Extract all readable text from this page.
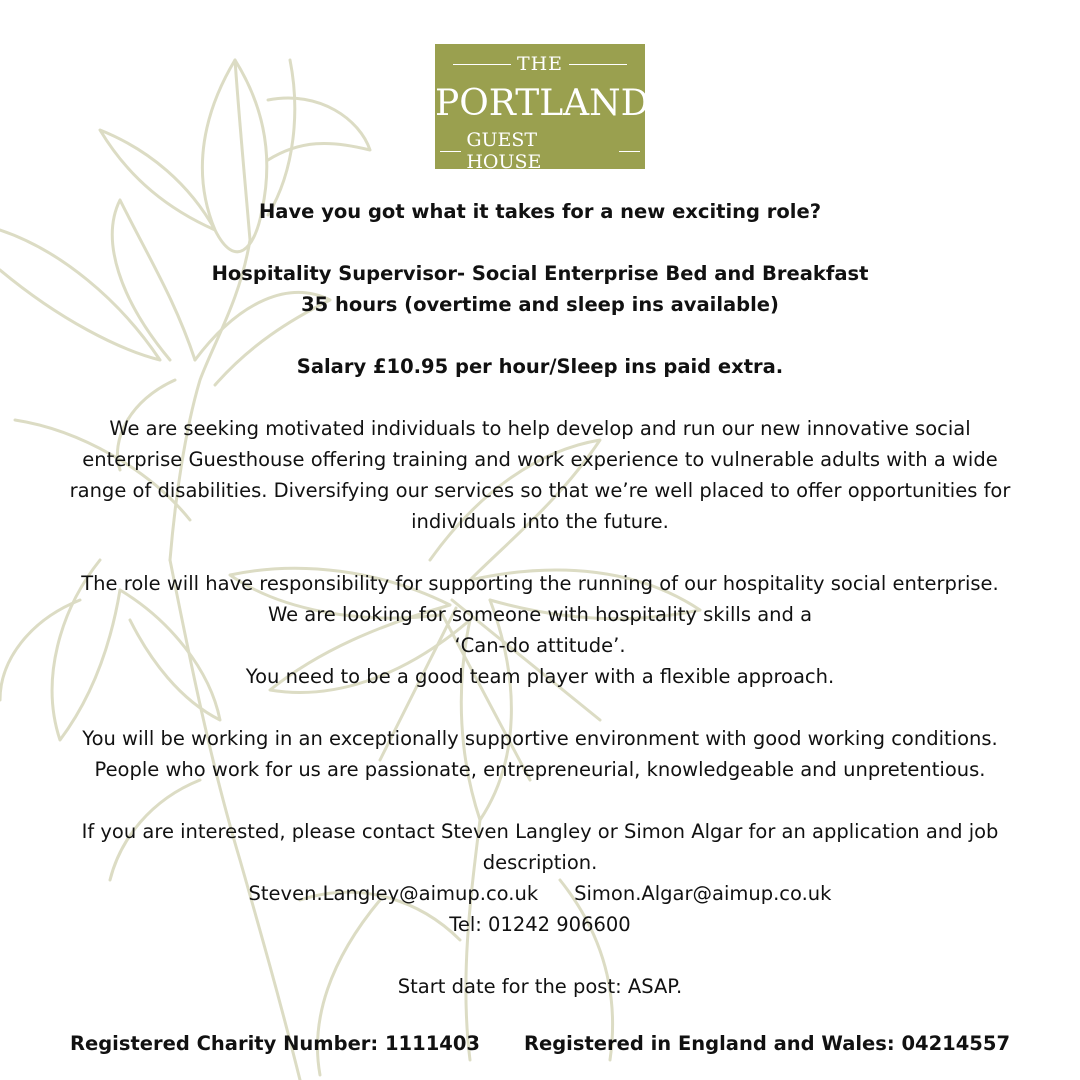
THE
PORTLAND
GUEST HOUSE

Have you got what it takes for a new exciting role?

Hospitality Supervisor- Social Enterprise Bed and Breakfast

35 hours (overtime and sleep ins available)

Salary £10.95 per hour/Sleep ins paid extra.

We are seeking motivated individuals to help develop and run our new innovative social

enterprise Guesthouse offering training and work experience to vulnerable adults with a wide

range of disabilities. Diversifying our services so that we’re well placed to offer opportunities for

individuals into the future.

The role will have responsibility for supporting the running of our hospitality social enterprise.

We are looking for someone with hospitality skills and a

‘Can-do attitude’.

You need to be a good team player with a flexible approach.

You will be working in an exceptionally supportive environment with good working conditions.

People who work for us are passionate, entrepreneurial, knowledgeable and unpretentious.

If you are interested, please contact Steven Langley or Simon Algar for an application and job

description.

Steven.Langley@aimup.co.uk Simon.Algar@aimup.co.uk

Tel: 01242 906600

Start date for the post: ASAP.

Registered Charity Number: 1111403 Registered in England and Wales: 04214557
